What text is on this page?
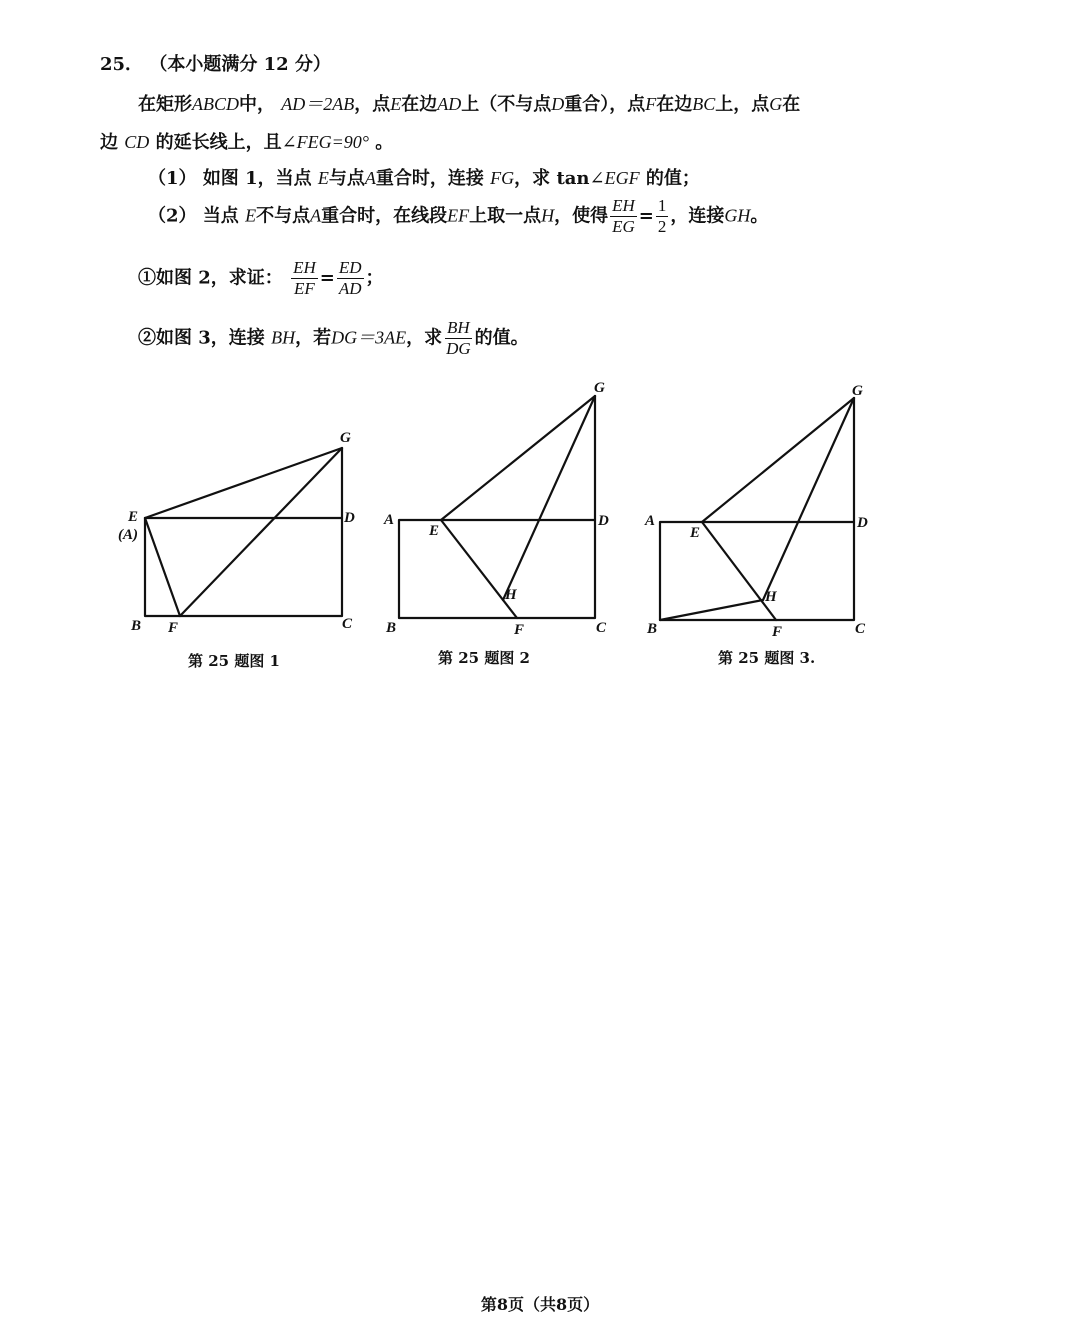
25． （本小题满分 12 分）
在矩形ABCD中， AD＝2AB，点E在边AD上（不与点D重合），点F在边BC上，点G在
边 CD 的延长线上，且∠FEG=90° 。
（1） 如图 1，当点 E与点A重合时，连接 FG，求 tan∠EGF 的值；
（2） 当点 E不与点A重合时，在线段EF上取一点H，使得 $\frac{EH}{EG} = \frac{1}{2}$ ，连接GH。
①如图 2，求证： $\frac{EH}{EF} = \frac{ED}{AD}$ ；
②如图 3，连接 BH，若DG＝3AE，求 $\frac{BH}{DG}$ 的值。
E
(A)
D
G
B F	C
第 25 题图 1
A
E
D
G
H
B	F	C
第 25 题图 2
A
E
D
G
H
B	F	C
第 25 题图 3.
第8页（共8页）
